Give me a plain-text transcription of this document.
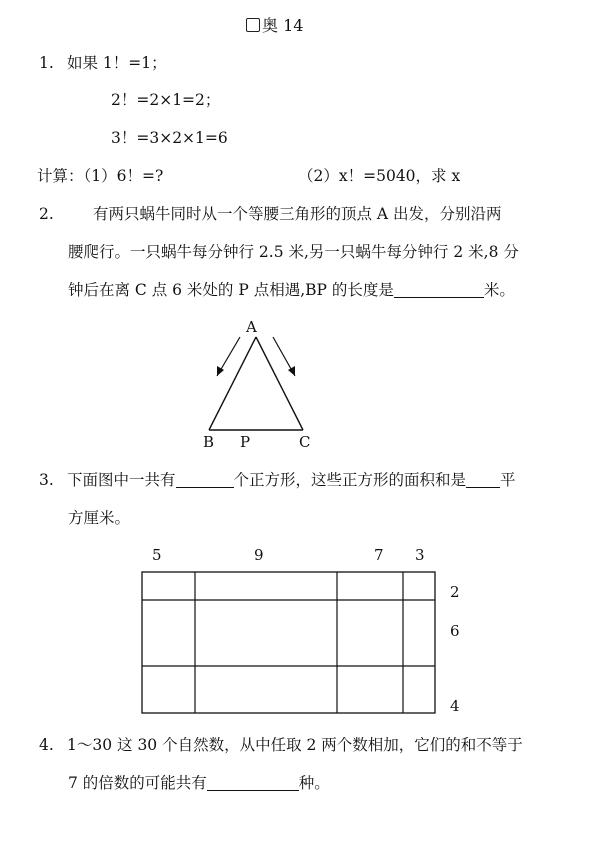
奥 14
1. 如果 1！=1；
2！=2×1=2；
3！=3×2×1=6
计算：（1）6！=?	（2）x！=5040，求 x
2.	有两只蜗牛同时从一个等腰三角形的顶点 A 出发，分别沿两
腰爬行。一只蜗牛每分钟行 2.5 米,另一只蜗牛每分钟行 2 米,8 分
钟后在离 C 点 6 米处的 P 点相遇,BP 的长度是	米。
A
B P	C
3. 下面图中一共有	个正方形，这些正方形的面积和是 平
方厘米。
5	9	7 3
2
6
4
4. 1～30 这 30 个自然数，从中任取 2 两个数相加，它们的和不等于
7 的倍数的可能共有	种。
